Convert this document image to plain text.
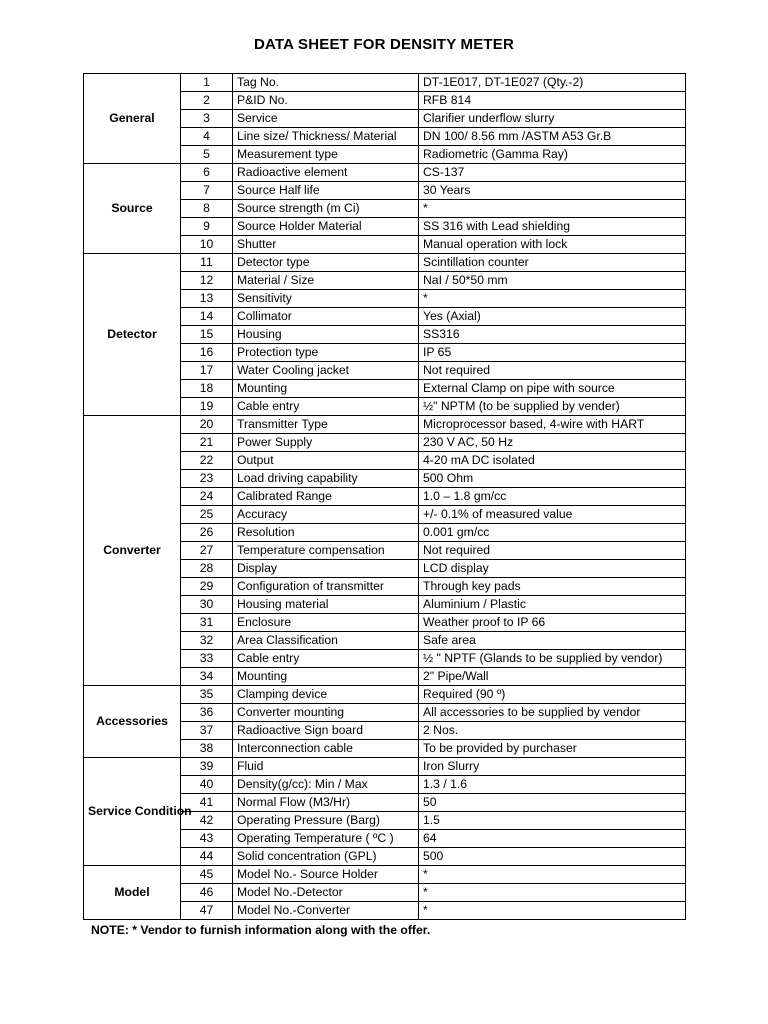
DATA SHEET FOR DENSITY METER
General	1	Tag No.	DT-1E017, DT-1E027 (Qty.-2)
	2	P&ID No.	RFB 814
	3	Service	Clarifier underflow slurry
	4	Line size/ Thickness/ Material	DN 100/ 8.56 mm /ASTM A53 Gr.B
	5	Measurement type	Radiometric (Gamma Ray)
Source	6	Radioactive element	CS-137
	7	Source Half life	30 Years
	8	Source strength (m Ci)	*
	9	Source Holder Material	SS 316 with Lead shielding
	10	Shutter	Manual operation with lock
Detector	11	Detector type	Scintillation counter
	12	Material / Size	NaI / 50*50 mm
	13	Sensitivity	*
	14	Collimator	Yes (Axial)
	15	Housing	SS316
	16	Protection type	IP 65
	17	Water Cooling jacket	Not required
	18	Mounting	External Clamp on pipe with source
	19	Cable entry	½" NPTM (to be supplied by vender)
Converter	20	Transmitter Type	Microprocessor based, 4-wire with HART
	21	Power Supply	230 V AC, 50 Hz
	22	Output	4-20 mA DC isolated
	23	Load driving capability	500 Ohm
	24	Calibrated Range	1.0 – 1.8 gm/cc
	25	Accuracy	+/- 0.1% of measured value
	26	Resolution	0.001 gm/cc
	27	Temperature compensation	Not required
	28	Display	LCD display
	29	Configuration of transmitter	Through key pads
	30	Housing material	Aluminium / Plastic
	31	Enclosure	Weather proof to IP 66
	32	Area Classification	Safe area
	33	Cable entry	½ " NPTF (Glands to be supplied by vendor)
	34	Mounting	2" Pipe/Wall
Accessories	35	Clamping device	Required (90 º)
	36	Converter mounting	All accessories to be supplied by vendor
	37	Radioactive Sign board	2 Nos.
	38	Interconnection cable	To be provided by purchaser
Service Condition	39	Fluid	Iron Slurry
	40	Density(g/cc): Min / Max	1.3 / 1.6
	41	Normal Flow (M3/Hr)	50
	42	Operating Pressure (Barg)	1.5
	43	Operating Temperature ( ºC )	64
	44	Solid concentration (GPL)	500
Model	45	Model No.- Source Holder	*
	46	Model No.-Detector	*
	47	Model No.-Converter	*
NOTE: * Vendor to furnish information along with the offer.
